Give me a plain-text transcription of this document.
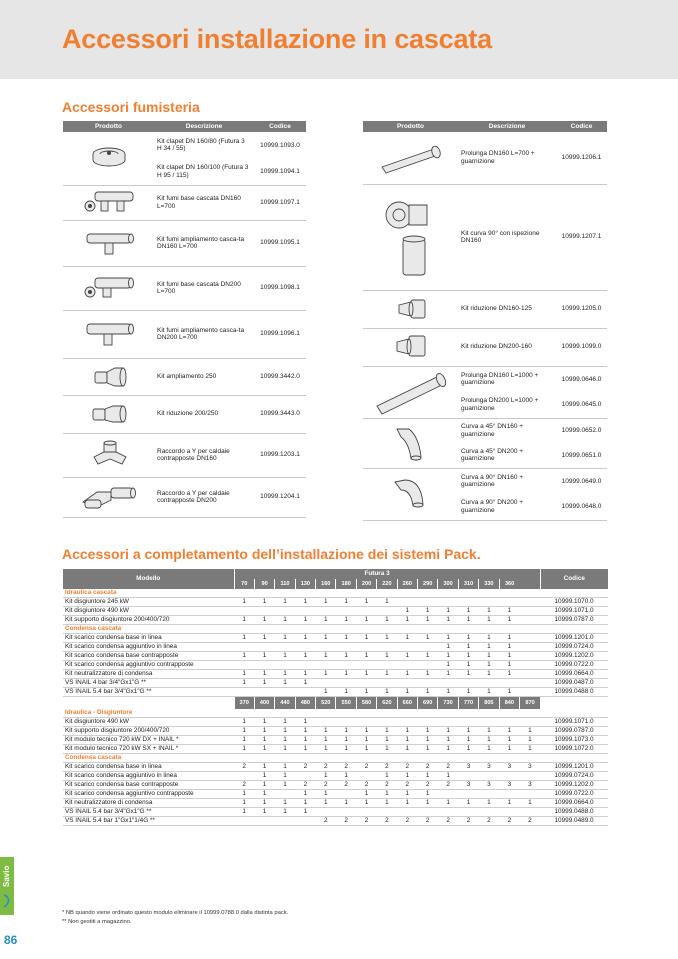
Accessori installazione in cascata
Accessori fumisteria
Prodotto	Descrizione	Codice

	Kit clapet DN 160/80 (Futura 3 H 34 / 55)	10999.1093.0
	Kit clapet DN 160/100 (Futura 3 H 95 / 115)	10999.1094.1

	Kit fumi base cascata DN160 L=700	10999.1097.1

	Kit fumi ampliamento casca-ta DN160 L=700	10999.1095.1

	Kit fumi base cascata DN200 L=700	10999.1098.1

	Kit fumi ampliamento casca-ta DN200 L=700	10999.1096.1

	Kit ampliamento 250	10999.3442.0

	Kit riduzione 200/250	10999.3443.0

	Raccordo a Y per caldaie contrapposte DN160	10999.1203.1

	Raccordo a Y per caldaie contrapposte DN200	10999.1204.1
Prodotto	Descrizione	Codice

	Prolunga DN160 L=700 + guarnizione	10999.1206.1

	Kit curva 90° con ispezione DN160	10999.1207.1

	Kit riduzione DN160-125	10999.1205.0

	Kit riduzione DN200-160	10999.1099.0

	Prolunga DN160 L=1000 + guarnizione	10999.0646.0
	Prolunga DN200 L=1000 + guarnizione	10999.0645.0

	Curva a 45° DN160 + guarnizione	10999.0652.0
	Curva a 45° DN200 + guarnizione	10999.0651.0

	Curva a 90° DN160 + guarnizione	10999.0649.0
	Curva a 90° DN200 + guarnizione	10999.0648.0
Accessori a completamento dell’installazione dei sistemi Pack.
Modello	Futura 3															Codice
	70	90	110	130	160	180	200	220	260	290	300	310	330	360		
Idraulica cascata																
Kit disgiuntore 245 kW	1	1	1	1	1	1	1	1								10999.1070.0
Kit disgiuntore 490 kW									1	1	1	1	1	1		10999.1071.0
Kit supporto disgiuntore 200/400/720	1	1	1	1	1	1	1	1	1	1	1	1	1	1		10999.0787.0
Condensa cascata																
Kit scarico condensa base in linea	1	1	1	1	1	1	1	1	1	1	1	1	1	1		10999.1201.0
Kit scarico condensa aggiuntivo in linea											1	1	1	1		10999.0724.0
Kit scarico condensa base contrapposte	1	1	1	1	1	1	1	1	1	1	1	1	1	1		10999.1202.0
Kit scarico condensa aggiuntivo contrapposte											1	1	1	1		10999.0722.0
Kit neutralizzatore di condensa	1	1	1	1	1	1	1	1	1	1	1	1	1	1		10999.0664.0
VS INAIL 4 bar 3/4"Gx1"G **	1	1	1	1												10999.0487.0
VS INAIL 5.4 bar 3/4"Gx1"G **					1	1	1	1	1	1	1	1	1	1		10999.0488 0
	370	400	440	480	520	550	580	620	660	690	730	770	805	840	870	
Idraulica - Disgiuntore																
Kit disgiuntore 490 kW	1	1	1	1												10999.1071.0
Kit supporto disgiuntore 200/400/720	1	1	1	1	1	1	1	1	1	1	1	1	1	1	1	10999.0787.0
Kit modulo tecnico 720 kW DX + INAIL *	1	1	1	1	1	1	1	1	1	1	1	1	1	1	1	10999.1073.0
Kit modulo tecnico 720 kW SX + INAIL *	1	1	1	1	1	1	1	1	1	1	1	1	1	1	1	10999.1072.0
Condensa cascata																
Kit scarico condensa base in linea	2	1	1	2	2	2	2	2	2	2	2	3	3	3	3	10999.1201.0
Kit scarico condensa aggiuntivo in linea		1	1		1	1		1	1	1	1					10999.0724.0
Kit scarico condensa base contrapposte	2	1	1	2	2	2	2	2	2	2	2	3	3	3	3	10999.1202.0
Kit scarico condensa aggiuntivo contrapposte	1	1		1	1		1	1	1	1						10999.0722.0
Kit neutralizzatore di condensa	1	1	1	1	1	1	1	1	1	1	1	1	1	1	1	10999.0664.0
VS INAIL 5.4 bar 3/4"Gx1"G **	1	1	1	1												10999.0488.0
VS INAIL 5.4 bar 1"Gx1"1/4G **					2	2	2	2	2	2	2	2	2	2	2	10999.0489.0
* NB quando viene ordinato questo modulo eliminare il 10999.0788.0 dalla distinta pack.
** Non gestiti a magazzino.
Savio
86
